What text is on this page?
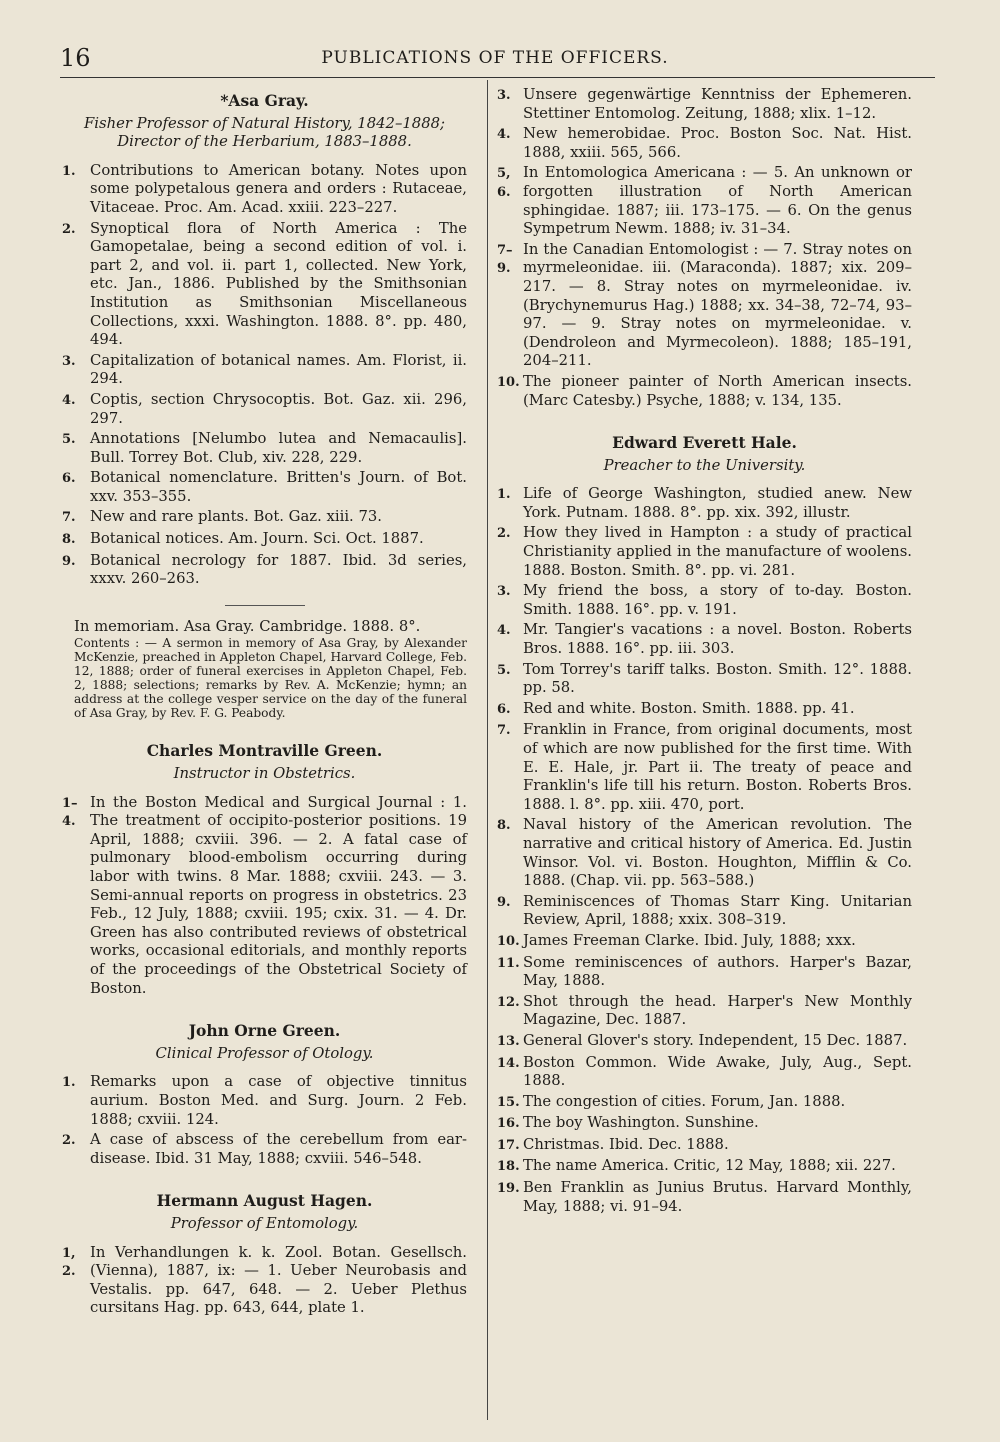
16	PUBLICATIONS OF THE OFFICERS.
*Asa Gray.
Fisher Professor of Natural History, 1842–1888; Director of the Herbarium, 1883–1888.
1. Contributions to American botany. Notes upon some polypetalous genera and orders : Rutaceae, Vitaceae. Proc. Am. Acad. xxiii. 223–227.
2. Synoptical flora of North America : The Gamopetalae, being a second edition of vol. i. part 2, and vol. ii. part 1, collected. New York, etc. Jan., 1886. Published by the Smithsonian Institution as Smithsonian Miscellaneous Collections, xxxi. Washington. 1888. 8°. pp. 480, 494.
3. Capitalization of botanical names. Am. Florist, ii. 294.
4. Coptis, section Chrysocoptis. Bot. Gaz. xii. 296, 297.
5. Annotations [Nelumbo lutea and Nemacaulis]. Bull. Torrey Bot. Club, xiv. 228, 229.
6. Botanical nomenclature. Britten's Journ. of Bot. xxv. 353–355.
7. New and rare plants. Bot. Gaz. xiii. 73.
8. Botanical notices. Am. Journ. Sci. Oct. 1887.
9. Botanical necrology for 1887. Ibid. 3d series, xxxv. 260–263.
In memoriam. Asa Gray. Cambridge. 1888. 8°.
Contents : — A sermon in memory of Asa Gray, by Alexander McKenzie, preached in Appleton Chapel, Harvard College, Feb. 12, 1888; order of funeral exercises in Appleton Chapel, Feb. 2, 1888; selections; remarks by Rev. A. McKenzie; hymn; an address at the college vesper service on the day of the funeral of Asa Gray, by Rev. F. G. Peabody.
Charles Montraville Green.
Instructor in Obstetrics.
1–4.
In the Boston Medical and Surgical Journal : 1. The treatment of occipito-posterior positions. 19 April, 1888; cxviii. 396. — 2. A fatal case of pulmonary blood-embolism occurring during labor with twins. 8 Mar. 1888; cxviii. 243. — 3. Semi-annual reports on progress in obstetrics. 23 Feb., 12 July, 1888; cxviii. 195; cxix. 31. — 4. Dr. Green has also contributed reviews of obstetrical works, occasional editorials, and monthly reports of the proceedings of the Obstetrical Society of Boston.
John Orne Green.
Clinical Professor of Otology.
1. Remarks upon a case of objective tinnitus aurium. Boston Med. and Surg. Journ. 2 Feb. 1888; cxviii. 124.
2. A case of abscess of the cerebellum from ear-disease. Ibid. 31 May, 1888; cxviii. 546–548.
Hermann August Hagen.
Professor of Entomology.
1, 2.
In Verhandlungen k. k. Zool. Botan. Gesellsch. (Vienna), 1887, ix: — 1. Ueber Neurobasis and Vestalis. pp. 647, 648. — 2. Ueber Plethus cursitans Hag. pp. 643, 644, plate 1.
3. Unsere gegenwärtige Kenntniss der Ephemeren. Stettiner Entomolog. Zeitung, 1888; xlix. 1–12.
4. New hemerobidae. Proc. Boston Soc. Nat. Hist. 1888, xxiii. 565, 566.
5, 6.
In Entomologica Americana : — 5. An unknown or forgotten illustration of North American sphingidae. 1887; iii. 173–175. — 6. On the genus Sympetrum Newm. 1888; iv. 31–34.
7–9.
In the Canadian Entomologist : — 7. Stray notes on myrmeleonidae. iii. (Maraconda). 1887; xix. 209–217. — 8. Stray notes on myrmeleonidae. iv. (Brychynemurus Hag.) 1888; xx. 34–38, 72–74, 93–97. — 9. Stray notes on myrmeleonidae. v. (Dendroleon and Myrmecoleon). 1888; 185–191, 204–211.
10. The pioneer painter of North American insects. (Marc Catesby.) Psyche, 1888; v. 134, 135.
Edward Everett Hale.
Preacher to the University.
1. Life of George Washington, studied anew. New York. Putnam. 1888. 8°. pp. xix. 392, illustr.
2. How they lived in Hampton : a study of practical Christianity applied in the manufacture of woolens. 1888. Boston. Smith. 8°. pp. vi. 281.
3. My friend the boss, a story of to-day. Boston. Smith. 1888. 16°. pp. v. 191.
4. Mr. Tangier's vacations : a novel. Boston. Roberts Bros. 1888. 16°. pp. iii. 303.
5. Tom Torrey's tariff talks. Boston. Smith. 12°. 1888. pp. 58.
6. Red and white. Boston. Smith. 1888. pp. 41.
7. Franklin in France, from original documents, most of which are now published for the first time. With E. E. Hale, jr. Part ii. The treaty of peace and Franklin's life till his return. Boston. Roberts Bros. 1888. l. 8°. pp. xiii. 470, port.
8. Naval history of the American revolution. The narrative and critical history of America. Ed. Justin Winsor. Vol. vi. Boston. Houghton, Mifflin & Co. 1888. (Chap. vii. pp. 563–588.)
9. Reminiscences of Thomas Starr King. Unitarian Review, April, 1888; xxix. 308–319.
10. James Freeman Clarke. Ibid. July, 1888; xxx.
11. Some reminiscences of authors. Harper's Bazar, May, 1888.
12. Shot through the head. Harper's New Monthly Magazine, Dec. 1887.
13. General Glover's story. Independent, 15 Dec. 1887.
14. Boston Common. Wide Awake, July, Aug., Sept. 1888.
15. The congestion of cities. Forum, Jan. 1888.
16. The boy Washington. Sunshine.
17. Christmas. Ibid. Dec. 1888.
18. The name America. Critic, 12 May, 1888; xii. 227.
19. Ben Franklin as Junius Brutus. Harvard Monthly, May, 1888; vi. 91–94.
